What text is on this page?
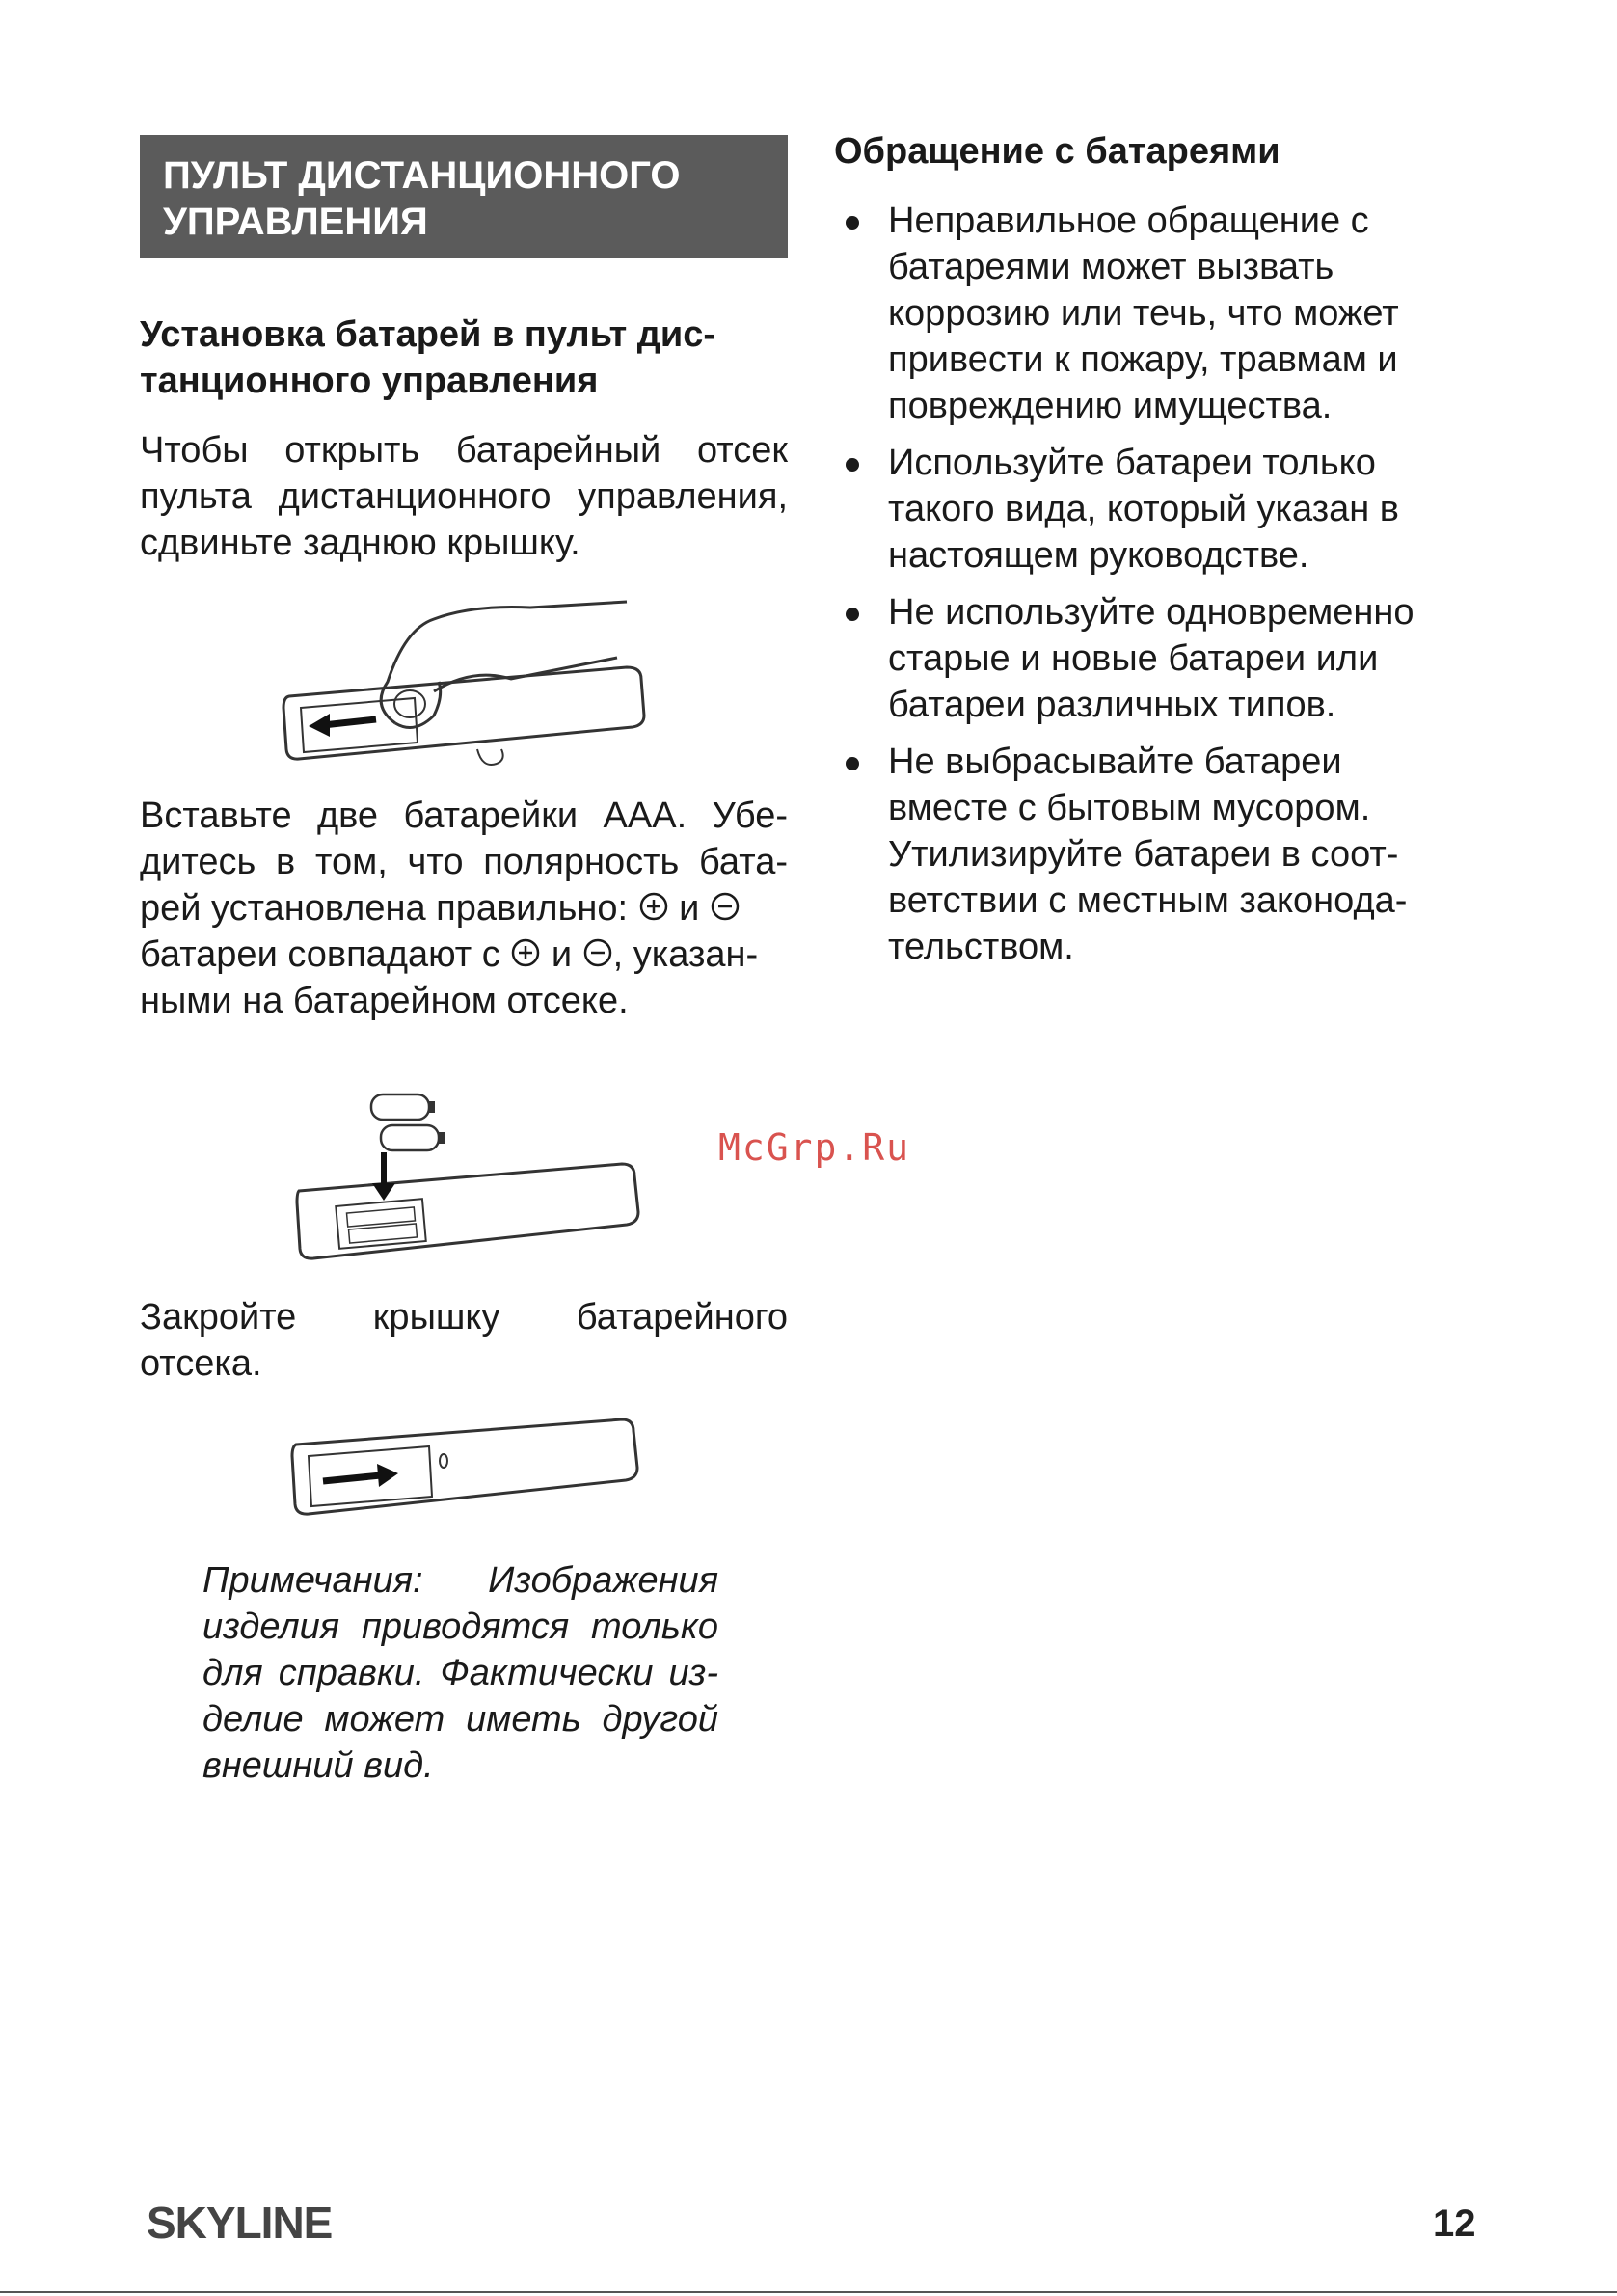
ПУЛЬТ ДИСТАНЦИОННОГО
УПРАВЛЕНИЯ
Установка батарей в пульт дис-
танционного управления
Чтобы открыть батарейный отсек
пульта дистанционного управления,
сдвиньте заднюю крышку.
Вставьте две батарейки ААА. Убе-
дитесь в том, что полярность бата-
рей установлена правильно:  и
батареи совпадают с  и , указан-
ными на батарейном отсеке.
Закройте крышку батарейного
отсека.
Примечания: Изображения
изделия приводятся только
для справки. Фактически из-
делие может иметь другой
внешний вид.
Обращение с батареями
Неправильное обращение с
батареями может вызвать
коррозию или течь, что может
привести к пожару, травмам и
повреждению имущества.
Используйте батареи только
такого вида, который указан в
настоящем руководстве.
Не используйте одновременно
старые и новые батареи или
батареи различных типов.
Не выбрасывайте батареи
вместе с бытовым мусором.
Утилизируйте батареи в соот-
ветствии с местным законода-
тельством.
McGrp.Ru
SKYLINE	12
